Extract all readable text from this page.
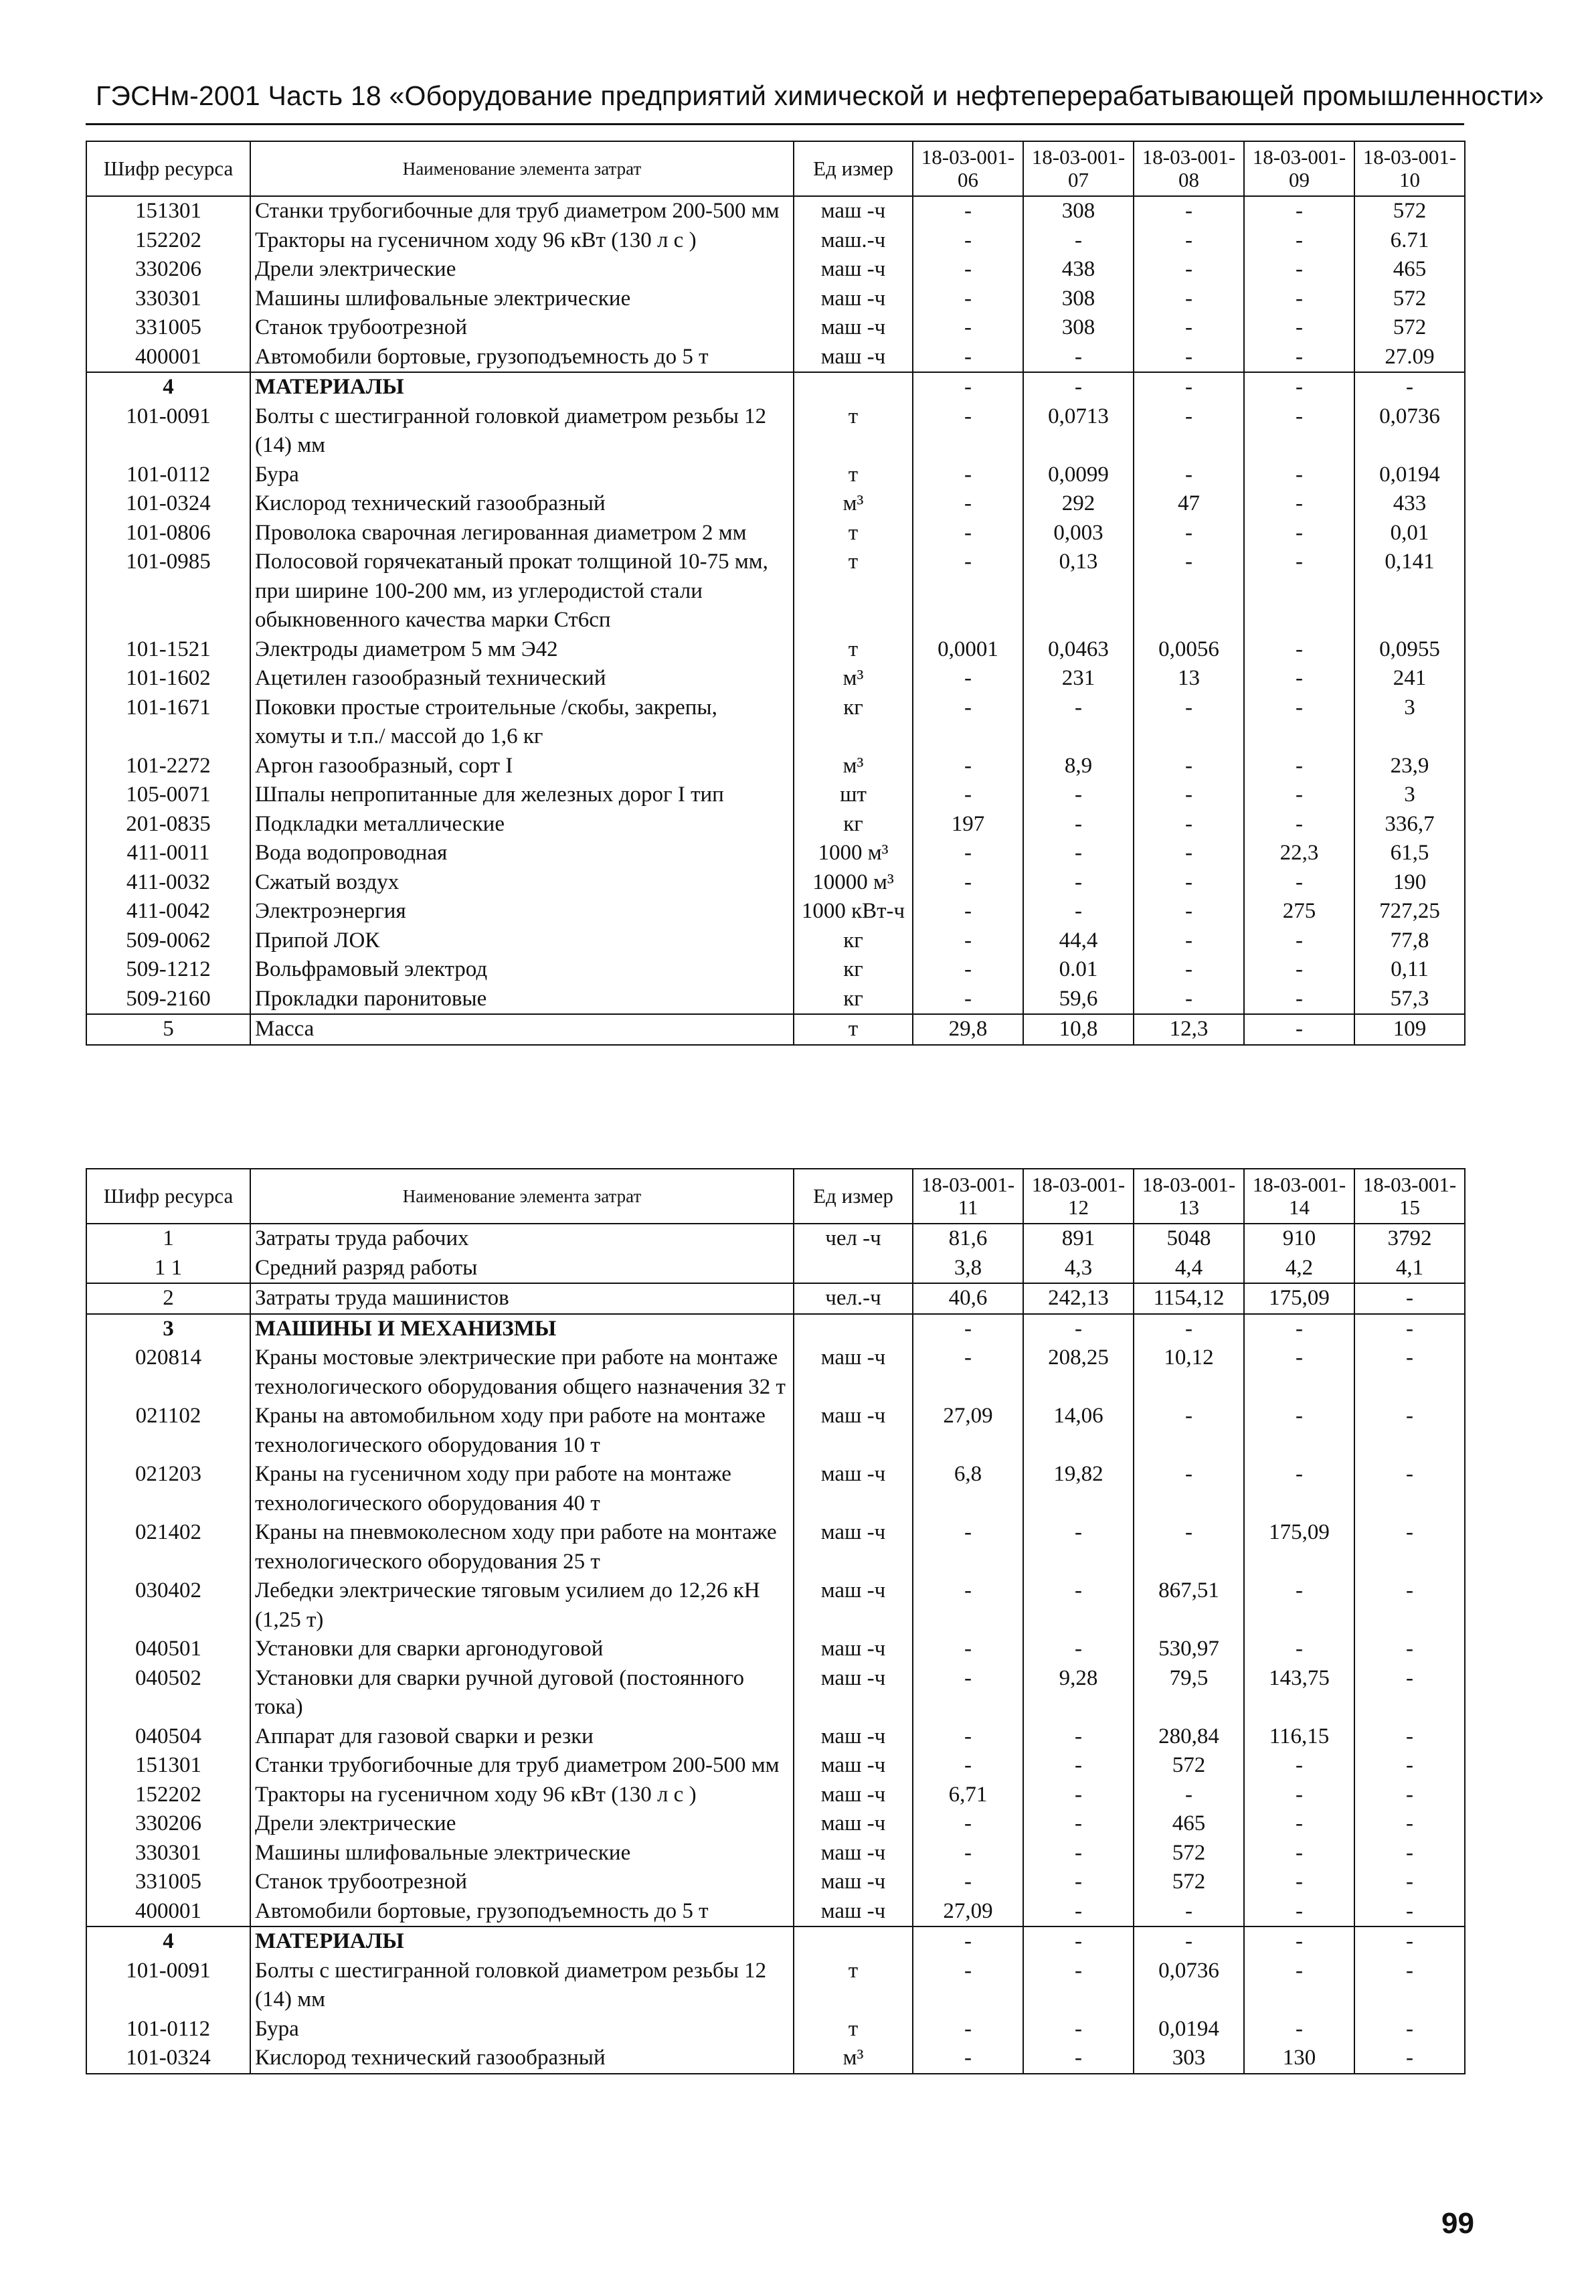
ГЭСНм-2001 Часть 18 «Оборудование предприятий химической и нефтеперерабатывающей промышленности»
Шифр ресурса	Наименование элемента затрат	Ед измер	18-03-001-06	18-03-001-07	18-03-001-08	18-03-001-09	18-03-001-10
151301	Станки трубогибочные для труб диаметром 200-500 мм	маш -ч	-	308	-	-	572
152202	Тракторы на гусеничном ходу 96 кВт (130 л с )	маш.-ч	-	-	-	-	6.71
330206	Дрели электрические	маш -ч	-	438	-	-	465
330301	Машины шлифовальные электрические	маш -ч	-	308	-	-	572
331005	Станок трубоотрезной	маш -ч	-	308	-	-	572
400001	Автомобили бортовые, грузоподъемность до 5 т	маш -ч	-	-	-	-	27.09
4	МАТЕРИАЛЫ		-	-	-	-	-
101-0091	Болты с шестигранной головкой диаметром резьбы 12 (14) мм	т	-	0,0713	-	-	0,0736
101-0112	Бура	т	-	0,0099	-	-	0,0194
101-0324	Кислород технический газообразный	м³	-	292	47	-	433
101-0806	Проволока сварочная легированная диаметром 2 мм	т	-	0,003	-	-	0,01
101-0985	Полосовой горячекатаный прокат толщиной 10-75 мм, при ширине 100-200 мм, из углеродистой стали обыкновенного качества марки Ст6сп	т	-	0,13	-	-	0,141
101-1521	Электроды диаметром 5 мм Э42	т	0,0001	0,0463	0,0056	-	0,0955
101-1602	Ацетилен газообразный технический	м³	-	231	13	-	241
101-1671	Поковки простые строительные /скобы, закрепы, хомуты и т.п./ массой до 1,6 кг	кг	-	-	-	-	3
101-2272	Аргон газообразный, сорт I	м³	-	8,9	-	-	23,9
105-0071	Шпалы непропитанные для железных дорог I тип	шт	-	-	-	-	3
201-0835	Подкладки металлические	кг	197	-	-	-	336,7
411-0011	Вода водопроводная	1000 м³	-	-	-	22,3	61,5
411-0032	Сжатый воздух	10000 м³	-	-	-	-	190
411-0042	Электроэнергия	1000 кВт-ч	-	-	-	275	727,25
509-0062	Припой ЛОК	кг	-	44,4	-	-	77,8
509-1212	Вольфрамовый электрод	кг	-	0.01	-	-	0,11
509-2160	Прокладки паронитовые	кг	-	59,6	-	-	57,3
5	Масса	т	29,8	10,8	12,3	-	109
Шифр ресурса	Наименование элемента затрат	Ед измер	18-03-001-11	18-03-001-12	18-03-001-13	18-03-001-14	18-03-001-15
1	Затраты труда рабочих	чел -ч	81,6	891	5048	910	3792
1 1	Средний разряд работы		3,8	4,3	4,4	4,2	4,1
2	Затраты труда машинистов	чел.-ч	40,6	242,13	1154,12	175,09	-
3	МАШИНЫ И МЕХАНИЗМЫ		-	-	-	-	-
020814	Краны мостовые электрические при работе на монтаже технологического оборудования общего назначения 32 т	маш -ч	-	208,25	10,12	-	-
021102	Краны на автомобильном ходу при работе на монтаже технологического оборудования 10 т	маш -ч	27,09	14,06	-	-	-
021203	Краны на гусеничном ходу при работе на монтаже технологического оборудования 40 т	маш -ч	6,8	19,82	-	-	-
021402	Краны на пневмоколесном ходу при работе на монтаже технологического оборудования 25 т	маш -ч	-	-	-	175,09	-
030402	Лебедки электрические тяговым усилием до 12,26 кН (1,25 т)	маш -ч	-	-	867,51	-	-
040501	Установки для сварки аргонодуговой	маш -ч	-	-	530,97	-	-
040502	Установки для сварки ручной дуговой (постоянного тока)	маш -ч	-	9,28	79,5	143,75	-
040504	Аппарат для газовой сварки и резки	маш -ч	-	-	280,84	116,15	-
151301	Станки трубогибочные для труб диаметром 200-500 мм	маш -ч	-	-	572	-	-
152202	Тракторы на гусеничном ходу 96 кВт (130 л с )	маш -ч	6,71	-	-	-	-
330206	Дрели электрические	маш -ч	-	-	465	-	-
330301	Машины шлифовальные электрические	маш -ч	-	-	572	-	-
331005	Станок трубоотрезной	маш -ч	-	-	572	-	-
400001	Автомобили бортовые, грузоподъемность до 5 т	маш -ч	27,09	-	-	-	-
4	МАТЕРИАЛЫ		-	-	-	-	-
101-0091	Болты с шестигранной головкой диаметром резьбы 12 (14) мм	т	-	-	0,0736	-	-
101-0112	Бура	т	-	-	0,0194	-	-
101-0324	Кислород технический газообразный	м³	-	-	303	130	-
99
